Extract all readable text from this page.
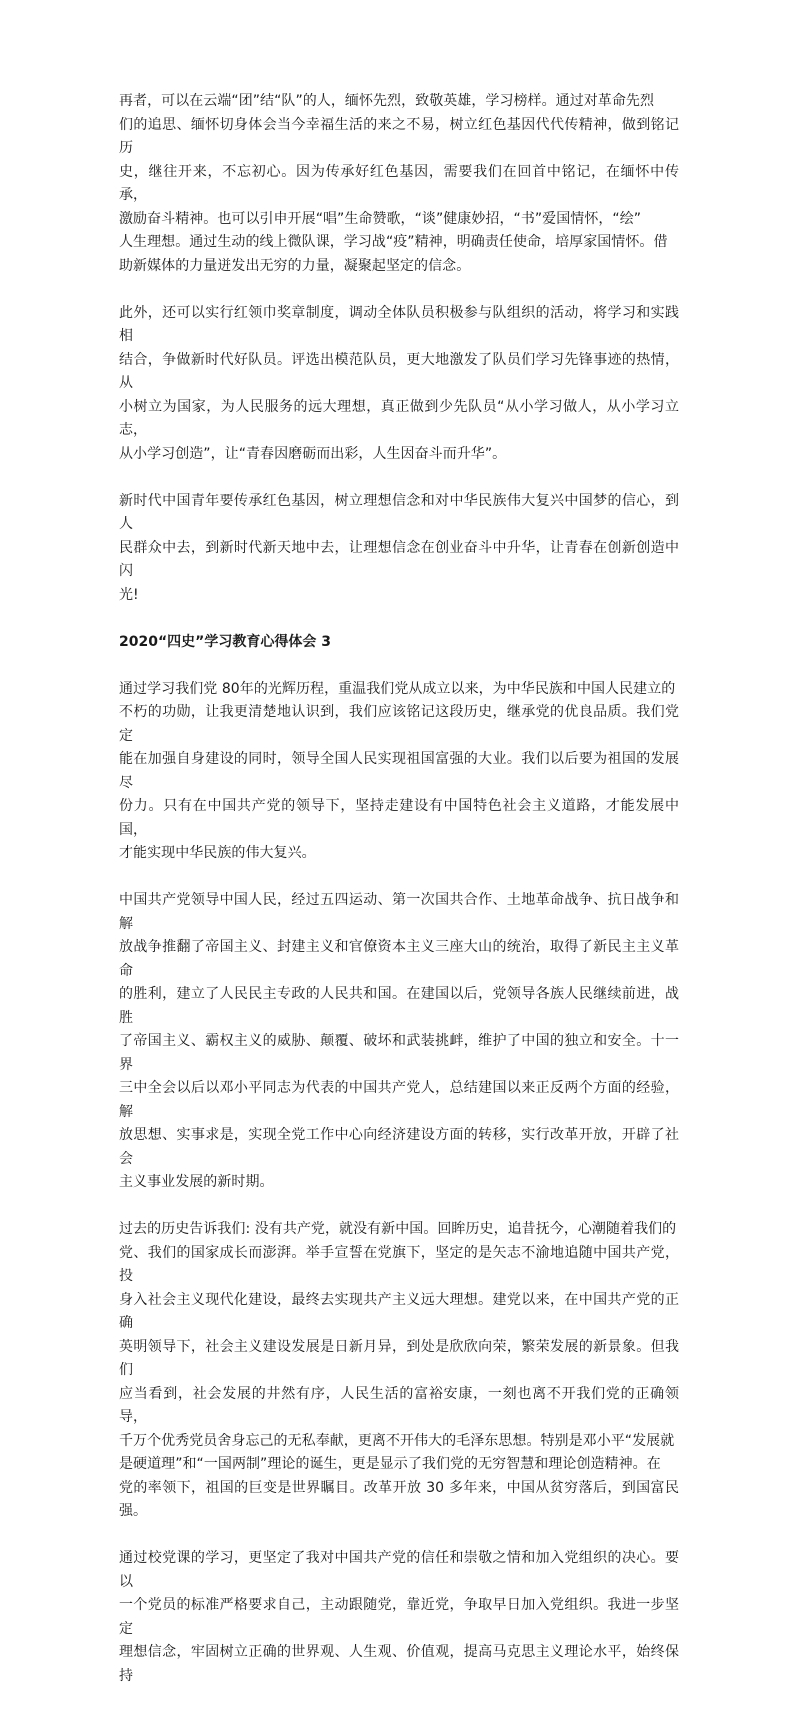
再者，可以在云端“团”结“队”的人，缅怀先烈，致敬英雄，学习榜样。通过对革命先烈
们的追思、缅怀切身体会当今幸福生活的来之不易，树立红色基因代代传精神，做到铭记历
史，继往开来，不忘初心。因为传承好红色基因，需要我们在回首中铭记，在缅怀中传承，
激励奋斗精神。也可以引申开展“唱”生命赞歌，“谈”健康妙招，“书”爱国情怀，“绘”
人生理想。通过生动的线上微队课，学习战“疫”精神，明确责任使命，培厚家国情怀。借
助新媒体的力量迸发出无穷的力量，凝聚起坚定的信念。
此外，还可以实行红领巾奖章制度，调动全体队员积极参与队组织的活动，将学习和实践相
结合，争做新时代好队员。评选出模范队员，更大地激发了队员们学习先锋事迹的热情，从
小树立为国家，为人民服务的远大理想，真正做到少先队员“从小学习做人，从小学习立志，
从小学习创造”，让“青春因磨砺而出彩，人生因奋斗而升华”。
新时代中国青年要传承红色基因，树立理想信念和对中华民族伟大复兴中国梦的信心，到人
民群众中去，到新时代新天地中去，让理想信念在创业奋斗中升华，让青春在创新创造中闪
光!
2020“四史”学习教育心得体会 3
通过学习我们党 80年的光辉历程，重温我们党从成立以来，为中华民族和中国人民建立的
不朽的功勋，让我更清楚地认识到，我们应该铭记这段历史，继承党的优良品质。我们党定
能在加强自身建设的同时，领导全国人民实现祖国富强的大业。我们以后要为祖国的发展尽
份力。只有在中国共产党的领导下，坚持走建设有中国特色社会主义道路，才能发展中国，
才能实现中华民族的伟大复兴。
中国共产党领导中国人民，经过五四运动、第一次国共合作、土地革命战争、抗日战争和解
放战争推翻了帝国主义、封建主义和官僚资本主义三座大山的统治，取得了新民主主义革命
的胜利，建立了人民民主专政的人民共和国。在建国以后，党领导各族人民继续前进，战胜
了帝国主义、霸权主义的威胁、颠覆、破坏和武装挑衅，维护了中国的独立和安全。十一界
三中全会以后以邓小平同志为代表的中国共产党人，总结建国以来正反两个方面的经验，解
放思想、实事求是，实现全党工作中心向经济建设方面的转移，实行改革开放，开辟了社会
主义事业发展的新时期。
过去的历史告诉我们: 没有共产党，就没有新中国。回眸历史，追昔抚今，心潮随着我们的
党、我们的国家成长而澎湃。举手宣誓在党旗下，坚定的是矢志不渝地追随中国共产党，投
身入社会主义现代化建设，最终去实现共产主义远大理想。建党以来，在中国共产党的正确
英明领导下，社会主义建设发展是日新月异，到处是欣欣向荣，繁荣发展的新景象。但我们
应当看到，社会发展的井然有序，人民生活的富裕安康，一刻也离不开我们党的正确领导，
千万个优秀党员舍身忘己的无私奉献，更离不开伟大的毛泽东思想。特别是邓小平“发展就
是硬道理”和“一国两制”理论的诞生，更是显示了我们党的无穷智慧和理论创造精神。在
党的率领下，祖国的巨变是世界瞩目。改革开放 30 多年来，中国从贫穷落后，到国富民强。
通过校党课的学习，更坚定了我对中国共产党的信任和崇敬之情和加入党组织的决心。要以
一个党员的标准严格要求自己，主动跟随党，靠近党，争取早日加入党组织。我进一步坚定
理想信念，牢固树立正确的世界观、人生观、价值观，提高马克思主义理论水平，始终保持
